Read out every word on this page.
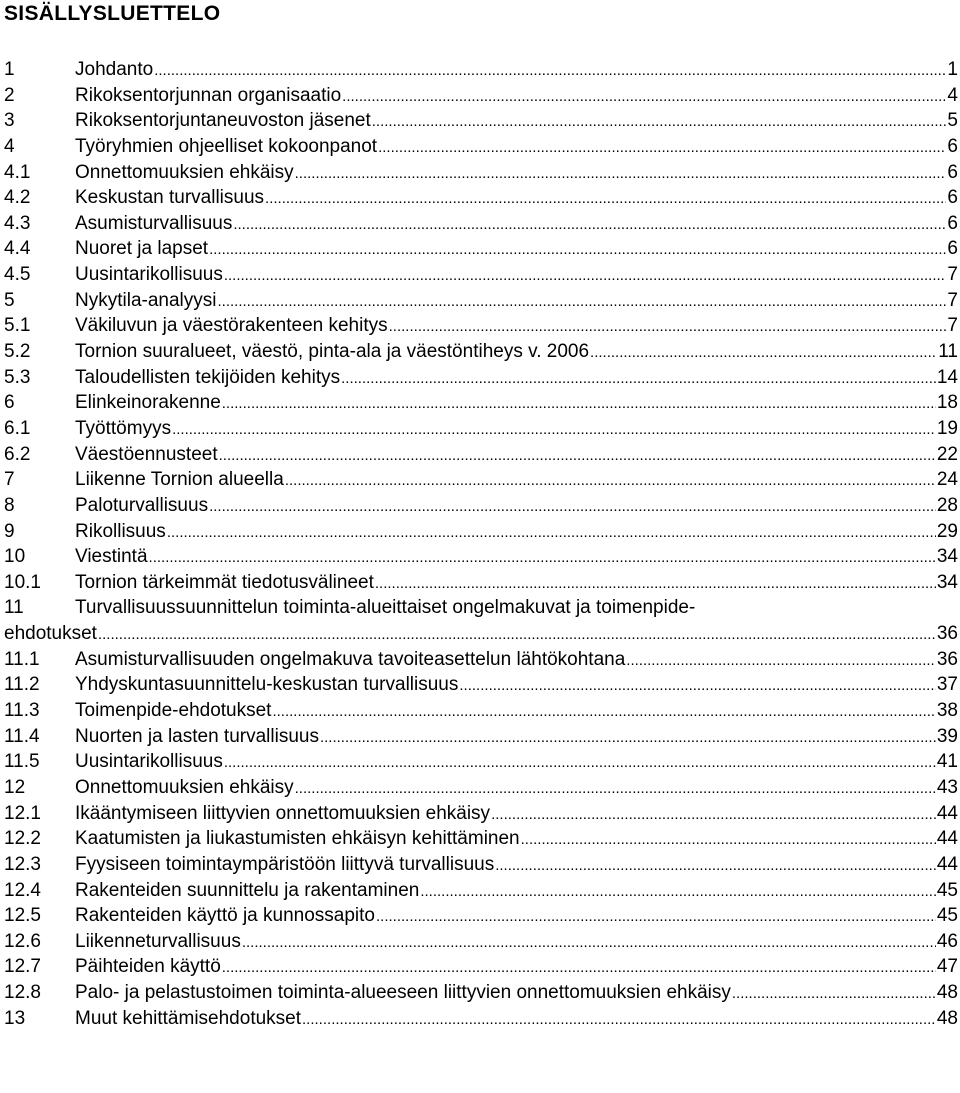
SISÄLLYSLUETTELO
1	Johdanto .....	1
2	Rikoksentorjunnan organisaatio .....	4
3	Rikoksentorjuntaneuvoston jäsenet .....	5
4	Työryhmien ohjeelliset kokoonpanot .....	6
4.1	Onnettomuuksien ehkäisy .....	6
4.2	Keskustan turvallisuus .....	6
4.3	Asumisturvallisuus .....	6
4.4	Nuoret ja lapset .....	6
4.5	Uusintarikollisuus .....	7
5	Nykytila-analyysi .....	7
5.1	Väkiluvun ja väestörakenteen kehitys .....	7
5.2	Tornion suuralueet, väestö, pinta-ala ja väestöntiheys v. 2006 .....	11
5.3	Taloudellisten tekijöiden kehitys .....	14
6	Elinkeinorakenne .....	18
6.1	Työttömyys .....	19
6.2	Väestöennusteet .....	22
7	Liikenne Tornion alueella .....	24
8	Paloturvallisuus .....	28
9	Rikollisuus .....	29
10	Viestintä .....	34
10.1	Tornion tärkeimmät tiedotusvälineet .....	34
11	Turvallisuussuunnittelun toiminta-alueittaiset ongelmakuvat ja toimenpide-
ehdotukset .....	36
11.1	Asumisturvallisuuden ongelmakuva tavoiteasettelun lähtökohtana .....	36
11.2	Yhdyskuntasuunnittelu-keskustan turvallisuus .....	37
11.3	Toimenpide-ehdotukset .....	38
11.4	Nuorten ja lasten turvallisuus .....	39
11.5	Uusintarikollisuus .....	41
12	Onnettomuuksien ehkäisy .....	43
12.1	Ikääntymiseen liittyvien onnettomuuksien ehkäisy .....	44
12.2	Kaatumisten ja liukastumisten ehkäisyn kehittäminen .....	44
12.3	Fyysiseen toimintaympäristöön liittyvä turvallisuus .....	44
12.4	Rakenteiden suunnittelu ja rakentaminen .....	45
12.5	Rakenteiden käyttö ja kunnossapito .....	45
12.6	Liikenneturvallisuus .....	46
12.7	Päihteiden käyttö .....	47
12.8	Palo- ja pelastustoimen toiminta-alueeseen liittyvien onnettomuuksien ehkäisy .....	48
13	Muut kehittämisehdotukset .....	48
